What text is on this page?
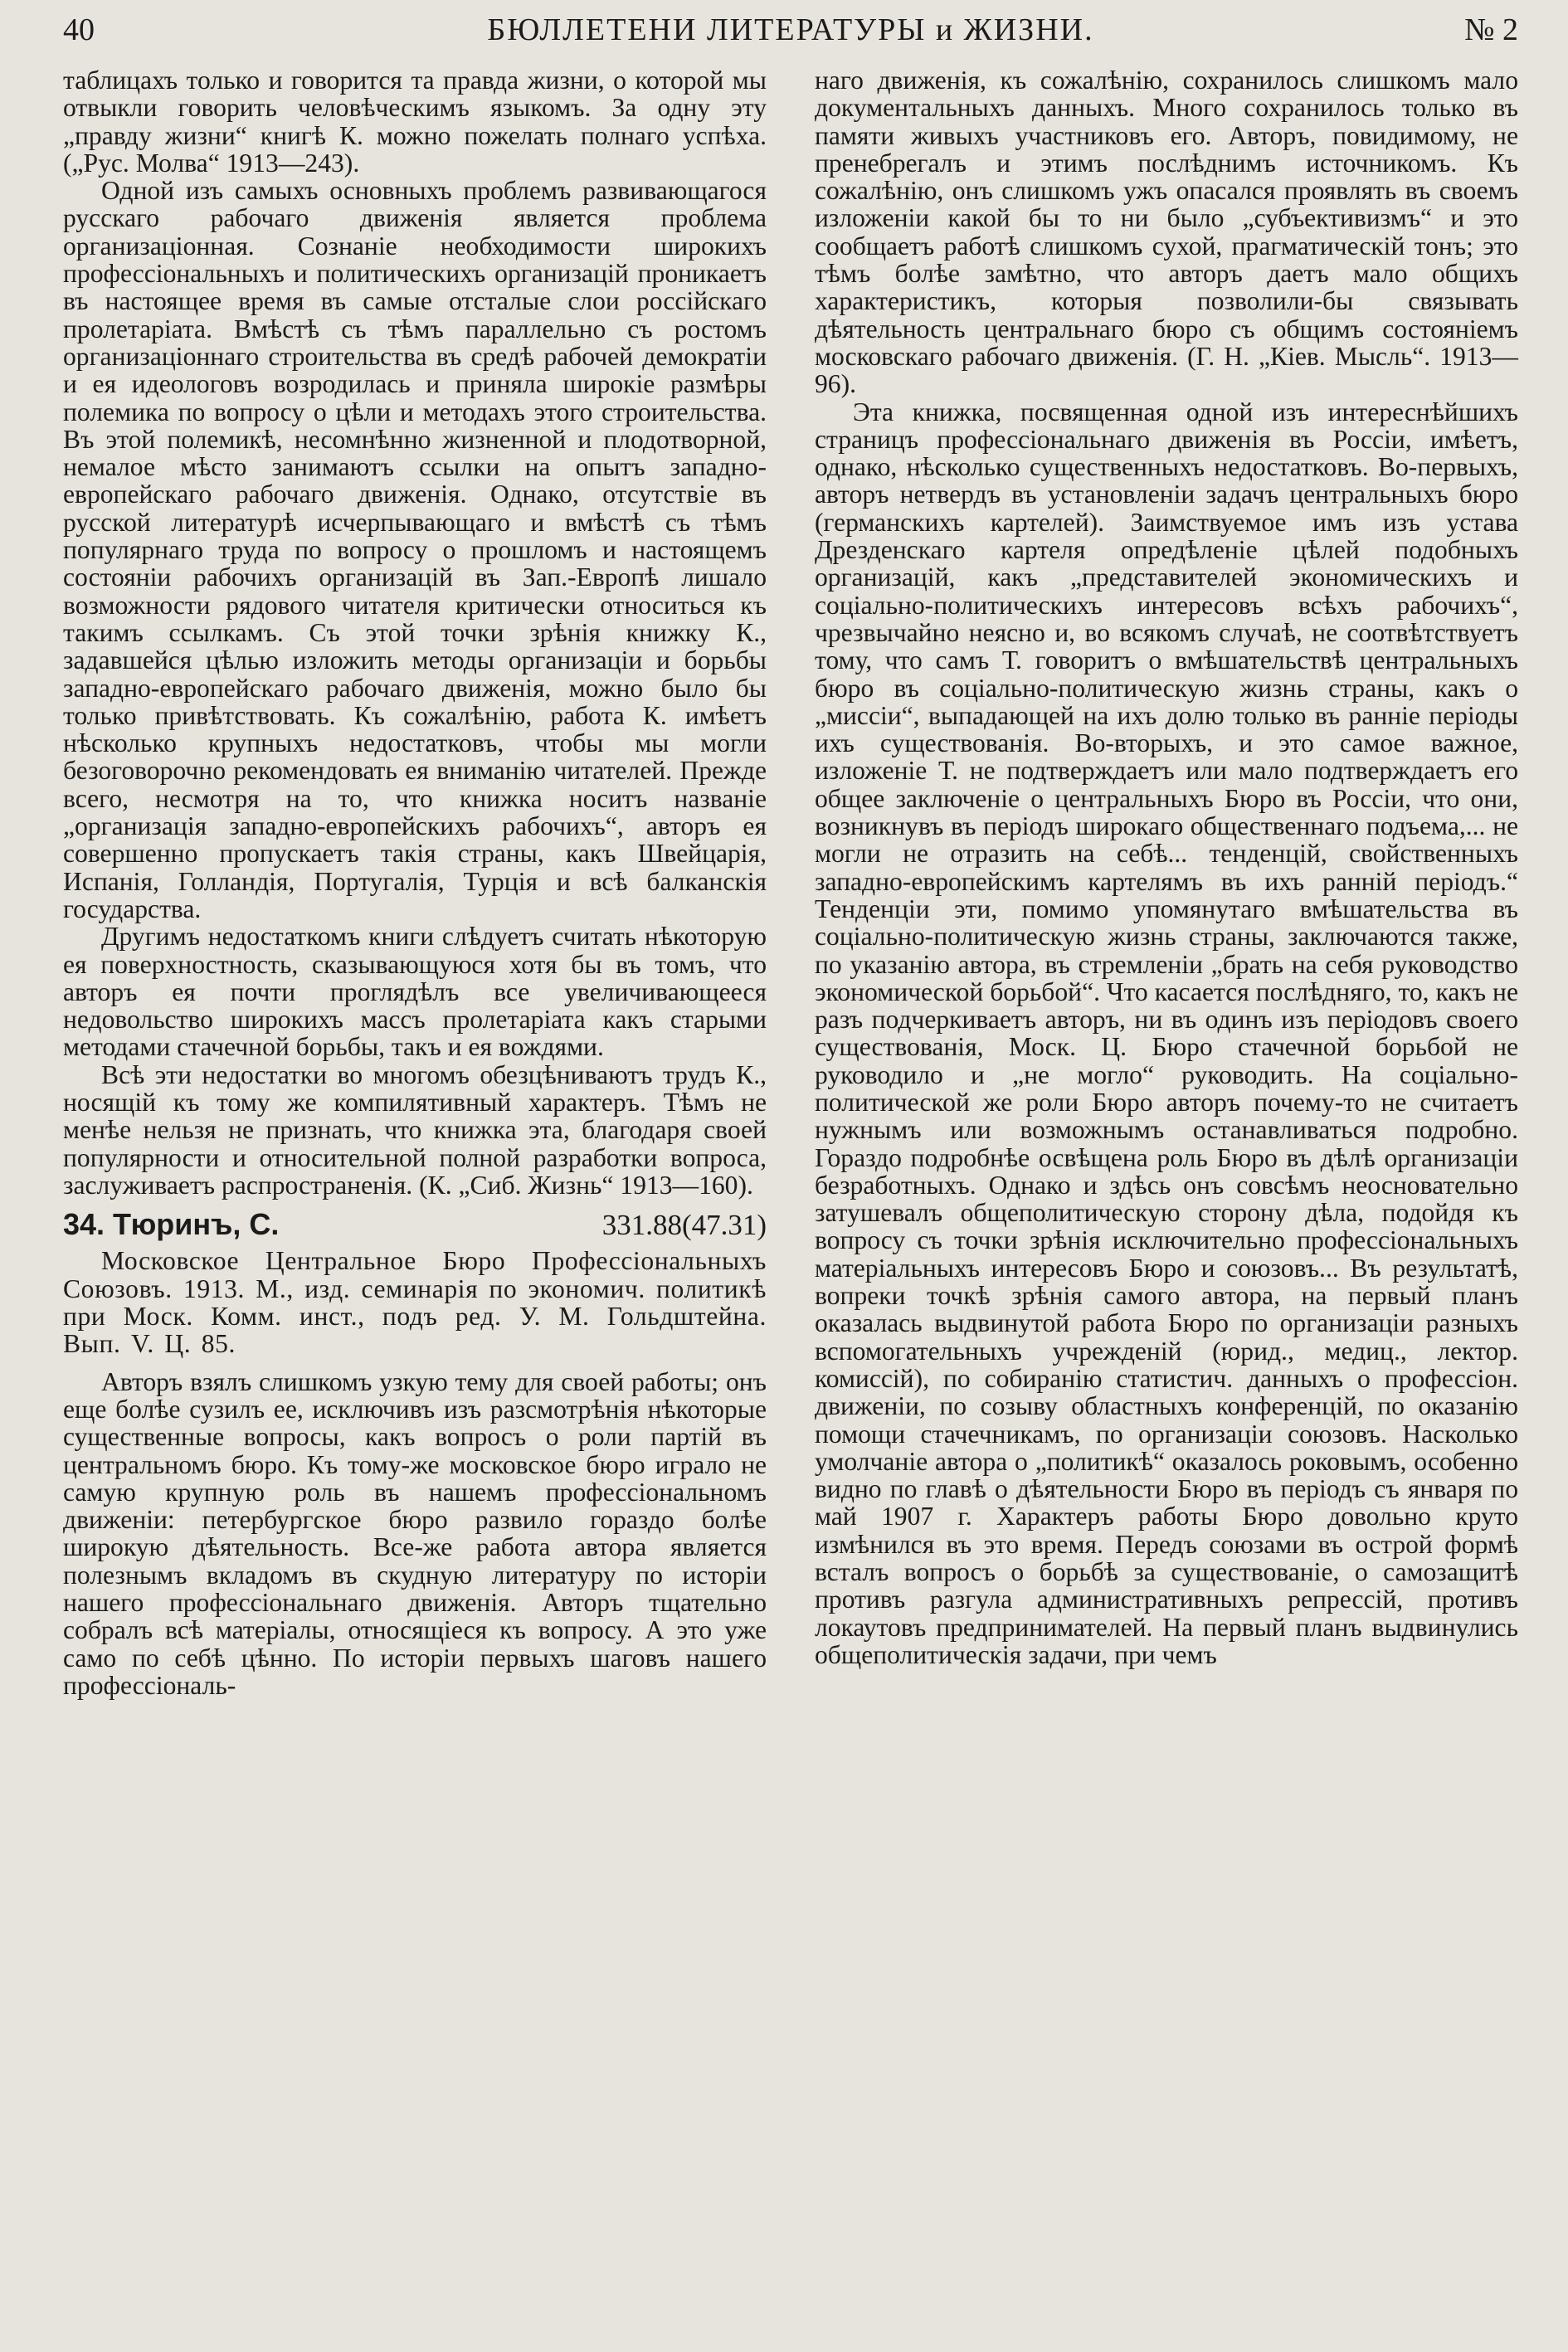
40	БЮЛЛЕТЕНИ ЛИТЕРАТУРЫ и ЖИЗНИ.	№ 2

таблицахъ только и говорится та правда жизни, о которой мы отвыкли говорить человѣческимъ языкомъ. За одну эту „правду жизни“ книгѣ К. можно пожелать полнаго успѣха. („Рус. Молва“ 1913—243).

Одной изъ самыхъ основныхъ проблемъ развивающагося русскаго рабочаго движенія является проблема организаціонная. Сознаніе необходимости широкихъ профессіональныхъ и политическихъ организацій проникаетъ въ настоящее время въ самые отсталые слои россійскаго пролетаріата. Вмѣстѣ съ тѣмъ параллельно съ ростомъ организаціоннаго строительства въ средѣ рабочей демократіи и ея идеологовъ возродилась и приняла широкіе размѣры полемика по вопросу о цѣли и методахъ этого строительства. Въ этой полемикѣ, несомнѣнно жизненной и плодотворной, немалое мѣсто занимаютъ ссылки на опытъ западно-европейскаго рабочаго движенія. Однако, отсутствіе въ русской литературѣ исчерпывающаго и вмѣстѣ съ тѣмъ популярнаго труда по вопросу о прошломъ и настоящемъ состояніи рабочихъ организацій въ Зап.-Европѣ лишало возможности рядового читателя критически относиться къ такимъ ссылкамъ. Съ этой точки зрѣнія книжку К., задавшейся цѣлью изложить методы организаціи и борьбы западно-европейскаго рабочаго движенія, можно было бы только привѣтствовать. Къ сожалѣнію, работа К. имѣетъ нѣсколько крупныхъ недостатковъ, чтобы мы могли безоговорочно рекомендовать ея вниманію читателей. Прежде всего, несмотря на то, что книжка носитъ названіе „организація западно-европейскихъ рабочихъ“, авторъ ея совершенно пропускаетъ такія страны, какъ Швейцарія, Испанія, Голландія, Португалія, Турція и всѣ балканскія государства.

Другимъ недостаткомъ книги слѣдуетъ считать нѣкоторую ея поверхностность, сказывающуюся хотя бы въ томъ, что авторъ ея почти проглядѣлъ все увеличивающееся недовольство широкихъ массъ пролетаріата какъ старыми методами стачечной борьбы, такъ и ея вождями.

Всѣ эти недостатки во многомъ обезцѣниваютъ трудъ К., носящій къ тому же компилятивный характеръ. Тѣмъ не менѣе нельзя не признать, что книжка эта, благодаря своей популярности и относительной полной разработки вопроса, заслуживаетъ распространенія. (К. „Сиб. Жизнь“ 1913—160).

34. Тюринъ, С.	331.88(47.31)

Московское Центральное Бюро Профессіональныхъ Союзовъ. 1913. М., изд. семинарія по экономич. политикѣ при Моск. Комм. инст., подъ ред. У. М. Гольдштейна. Вып. V. Ц. 85.

Авторъ взялъ слишкомъ узкую тему для своей работы; онъ еще болѣе сузилъ ее, исключивъ изъ разсмотрѣнія нѣкоторые существенные вопросы, какъ вопросъ о роли партій въ центральномъ бюро. Къ тому-же московское бюро играло не самую крупную роль въ нашемъ профессіональномъ движеніи: петербургское бюро развило гораздо болѣе широкую дѣятельность. Все-же работа автора является полезнымъ вкладомъ въ скудную литературу по исторіи нашего профессіональнаго движенія. Авторъ тщательно собралъ всѣ матеріалы, относящіеся къ вопросу. А это уже само по себѣ цѣнно. По исторіи первыхъ шаговъ нашего профессіональ-

наго движенія, къ сожалѣнію, сохранилось слишкомъ мало документальныхъ данныхъ. Много сохранилось только въ памяти живыхъ участниковъ его. Авторъ, повидимому, не пренебрегалъ и этимъ послѣднимъ источникомъ. Къ сожалѣнію, онъ слишкомъ ужъ опасался проявлять въ своемъ изложеніи какой бы то ни было „субъективизмъ“ и это сообщаетъ работѣ слишкомъ сухой, прагматическій тонъ; это тѣмъ болѣе замѣтно, что авторъ даетъ мало общихъ характеристикъ, которыя позволили-бы связывать дѣятельность центральнаго бюро съ общимъ состояніемъ московскаго рабочаго движенія. (Г. Н. „Кіев. Мысль“. 1913—96).

Эта книжка, посвященная одной изъ интереснѣйшихъ страницъ профессіональнаго движенія въ Россіи, имѣетъ, однако, нѣсколько существенныхъ недостатковъ. Во-первыхъ, авторъ нетвердъ въ установленіи задачъ центральныхъ бюро (германскихъ картелей). Заимствуемое имъ изъ устава Дрезденскаго картеля опредѣленіе цѣлей подобныхъ организацій, какъ „представителей экономическихъ и соціально-политическихъ интересовъ всѣхъ рабочихъ“, чрезвычайно неясно и, во всякомъ случаѣ, не соотвѣтствуетъ тому, что самъ Т. говоритъ о вмѣшательствѣ центральныхъ бюро въ соціально-политическую жизнь страны, какъ о „миссіи“, выпадающей на ихъ долю только въ ранніе періоды ихъ существованія. Во-вторыхъ, и это самое важное, изложеніе Т. не подтверждаетъ или мало подтверждаетъ его общее заключеніе о центральныхъ Бюро въ Россіи, что они, возникнувъ въ періодъ широкаго общественнаго подъема,... не могли не отразить на себѣ... тенденцій, свойственныхъ западно-европейскимъ картелямъ въ ихъ ранній періодъ.“ Тенденціи эти, помимо упомянутаго вмѣшательства въ соціально-политическую жизнь страны, заключаются также, по указанію автора, въ стремленіи „брать на себя руководство экономической борьбой“. Что касается послѣдняго, то, какъ не разъ подчеркиваетъ авторъ, ни въ одинъ изъ періодовъ своего существованія, Моск. Ц. Бюро стачечной борьбой не руководило и „не могло“ руководить. На соціально-политической же роли Бюро авторъ почему-то не считаетъ нужнымъ или возможнымъ останавливаться подробно. Гораздо подробнѣе освѣщена роль Бюро въ дѣлѣ организаціи безработныхъ. Однако и здѣсь онъ совсѣмъ неосновательно затушевалъ общеполитическую сторону дѣла, подойдя къ вопросу съ точки зрѣнія исключительно профессіональныхъ матеріальныхъ интересовъ Бюро и союзовъ... Въ результатѣ, вопреки точкѣ зрѣнія самого автора, на первый планъ оказалась выдвинутой работа Бюро по организаціи разныхъ вспомогательныхъ учрежденій (юрид., медиц., лектор. комиссій), по собиранію статистич. данныхъ о профессіон. движеніи, по созыву областныхъ конференцій, по оказанію помощи стачечникамъ, по организаціи союзовъ. Насколько умолчаніе автора о „политикѣ“ оказалось роковымъ, особенно видно по главѣ о дѣятельности Бюро въ періодъ съ января по май 1907 г. Характеръ работы Бюро довольно круто измѣнился въ это время. Передъ союзами въ острой формѣ всталъ вопросъ о борьбѣ за существованіе, о самозащитѣ противъ разгула административныхъ репрессій, противъ локаутовъ предпринимателей. На первый планъ выдвинулись общеполитическія задачи, при чемъ
